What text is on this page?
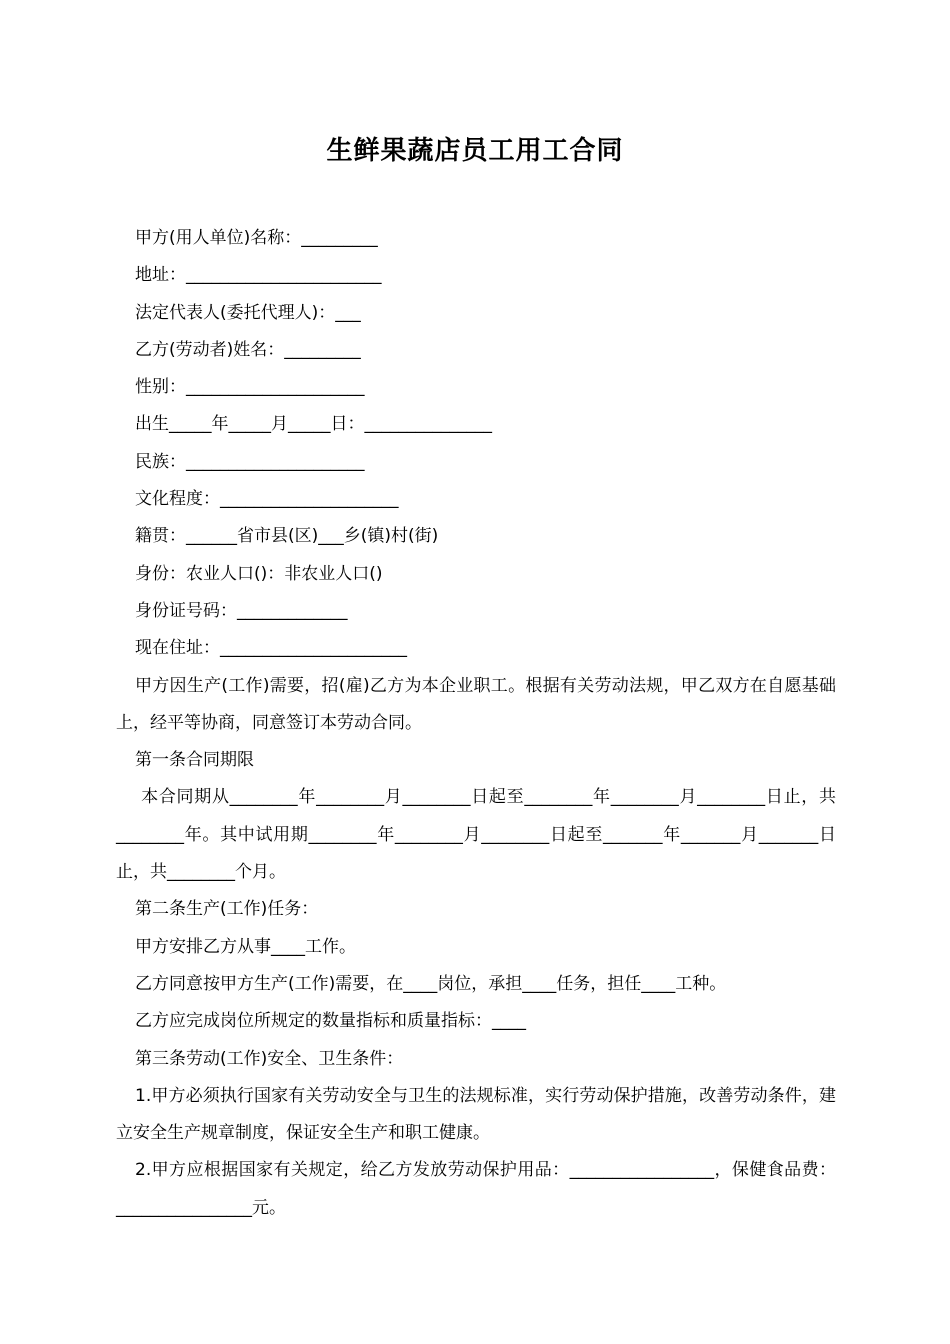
生鲜果蔬店员工用工合同

甲方(用人单位)名称：_________

地址：_______________________

法定代表人(委托代理人)：___

乙方(劳动者)姓名：_________

性别：_____________________

出生_____年_____月_____日：_______________

民族：_____________________

文化程度：_____________________

籍贯：______省市县(区)___乡(镇)村(街)

身份：农业人口()：非农业人口()

身份证号码：_____________

现在住址：______________________

甲方因生产(工作)需要，招(雇)乙方为本企业职工。根据有关劳动法规，甲乙双方在自愿基础上，经平等协商，同意签订本劳动合同。

第一条合同期限

本合同期从________年________月________日起至________年________月________日止，共________年。其中试用期________年________月________日起至_______年_______月_______日止，共________个月。

第二条生产(工作)任务：

甲方安排乙方从事____工作。

乙方同意按甲方生产(工作)需要，在____岗位，承担____任务，担任____工种。

乙方应完成岗位所规定的数量指标和质量指标：____

第三条劳动(工作)安全、卫生条件：

1.甲方必须执行国家有关劳动安全与卫生的法规标准，实行劳动保护措施，改善劳动条件，建立安全生产规章制度，保证安全生产和职工健康。

2.甲方应根据国家有关规定，给乙方发放劳动保护用品：_________________，保健食品费：________________元。
